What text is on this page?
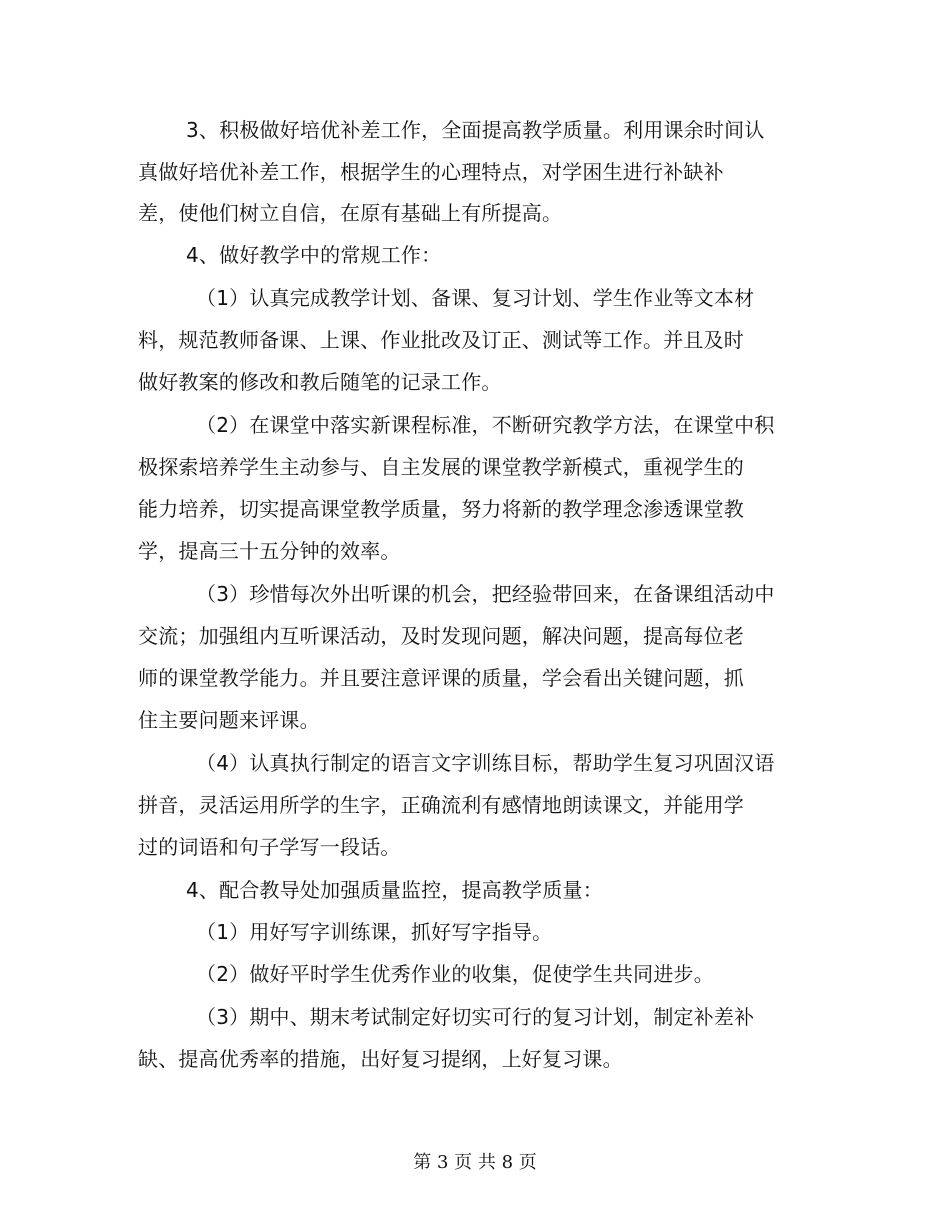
3、积极做好培优补差工作，全面提高教学质量。利用课余时间认
真做好培优补差工作，根据学生的心理特点，对学困生进行补缺补
差，使他们树立自信，在原有基础上有所提高。
4、做好教学中的常规工作：
（1）认真完成教学计划、备课、复习计划、学生作业等文本材
料，规范教师备课、上课、作业批改及订正、测试等工作。并且及时
做好教案的修改和教后随笔的记录工作。
（2）在课堂中落实新课程标准，不断研究教学方法，在课堂中积
极探索培养学生主动参与、自主发展的课堂教学新模式，重视学生的
能力培养，切实提高课堂教学质量，努力将新的教学理念渗透课堂教
学，提高三十五分钟的效率。
（3）珍惜每次外出听课的机会，把经验带回来，在备课组活动中
交流；加强组内互听课活动，及时发现问题，解决问题，提高每位老
师的课堂教学能力。并且要注意评课的质量，学会看出关键问题，抓
住主要问题来评课。
（4）认真执行制定的语言文字训练目标，帮助学生复习巩固汉语
拼音，灵活运用所学的生字，正确流利有感情地朗读课文，并能用学
过的词语和句子学写一段话。
4、配合教导处加强质量监控，提高教学质量：
（1）用好写字训练课，抓好写字指导。
（2）做好平时学生优秀作业的收集，促使学生共同进步。
（3）期中、期末考试制定好切实可行的复习计划，制定补差补
缺、提高优秀率的措施，出好复习提纲，上好复习课。
第 3 页 共 8 页
